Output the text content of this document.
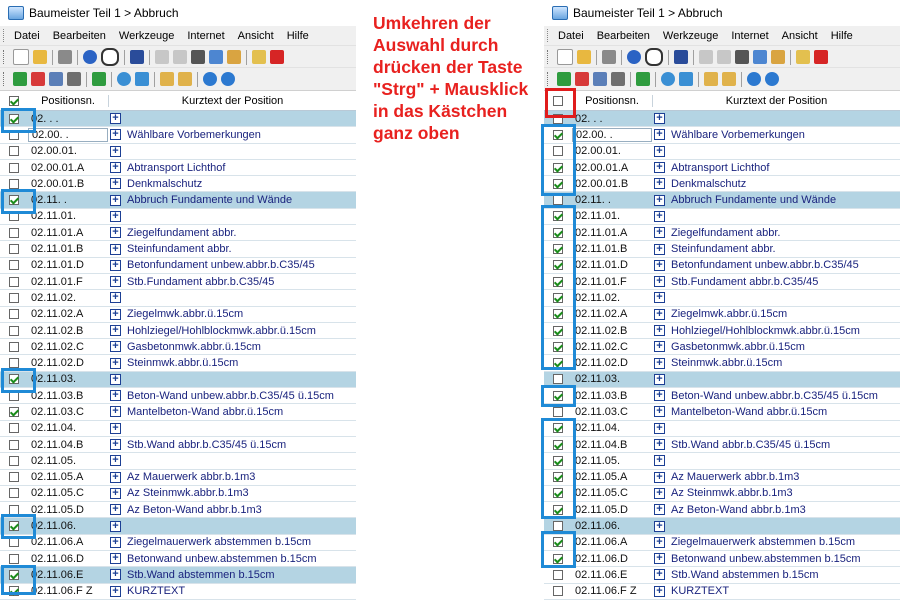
Baumeister Teil 1 > Abbruch
Datei Bearbeiten Werkzeuge Internet Ansicht Hilfe
Positionsn.	Kurztext der Position
02. . .	+
02.00. .	+ Wählbare Vorbemerkungen
02.00.01.	+
02.00.01.A	+ Abtransport Lichthof
02.00.01.B	+ Denkmalschutz
02.11. .	+ Abbruch Fundamente und Wände
02.11.01.	+
02.11.01.A	+ Ziegelfundament abbr.
02.11.01.B	+ Steinfundament abbr.
02.11.01.D	+ Betonfundament unbew.abbr.b.C35/45
02.11.01.F	+ Stb.Fundament abbr.b.C35/45
02.11.02.	+
02.11.02.A	+ Ziegelmwk.abbr.ü.15cm
02.11.02.B	+ Hohlziegel/Hohlblockmwk.abbr.ü.15cm
02.11.02.C	+ Gasbetonmwk.abbr.ü.15cm
02.11.02.D	+ Steinmwk.abbr.ü.15cm
02.11.03.	+
02.11.03.B	+ Beton-Wand unbew.abbr.b.C35/45 ü.15cm
02.11.03.C	+ Mantelbeton-Wand abbr.ü.15cm
02.11.04.	+
02.11.04.B	+ Stb.Wand abbr.b.C35/45 ü.15cm
02.11.05.	+
02.11.05.A	+ Az Mauerwerk abbr.b.1m3
02.11.05.C	+ Az Steinmwk.abbr.b.1m3
02.11.05.D	+ Az Beton-Wand abbr.b.1m3
02.11.06.	+
02.11.06.A	+ Ziegelmauerwerk abstemmen b.15cm
02.11.06.D	+ Betonwand unbew.abstemmen b.15cm
02.11.06.E	+ Stb.Wand abstemmen b.15cm
02.11.06.F Z	+ KURZTEXT
Umkehren der
Auswahl durch
drücken der Taste
"Strg" + Mausklick
in das Kästchen
ganz oben
Baumeister Teil 1 > Abbruch
Datei Bearbeiten Werkzeuge Internet Ansicht Hilfe
Positionsn.	Kurztext der Position
02. . .	+
02.00. .	+ Wählbare Vorbemerkungen
02.00.01.	+
02.00.01.A	+ Abtransport Lichthof
02.00.01.B	+ Denkmalschutz
02.11. .	+ Abbruch Fundamente und Wände
02.11.01.	+
02.11.01.A	+ Ziegelfundament abbr.
02.11.01.B	+ Steinfundament abbr.
02.11.01.D	+ Betonfundament unbew.abbr.b.C35/45
02.11.01.F	+ Stb.Fundament abbr.b.C35/45
02.11.02.	+
02.11.02.A	+ Ziegelmwk.abbr.ü.15cm
02.11.02.B	+ Hohlziegel/Hohlblockmwk.abbr.ü.15cm
02.11.02.C	+ Gasbetonmwk.abbr.ü.15cm
02.11.02.D	+ Steinmwk.abbr.ü.15cm
02.11.03.	+
02.11.03.B	+ Beton-Wand unbew.abbr.b.C35/45 ü.15cm
02.11.03.C	+ Mantelbeton-Wand abbr.ü.15cm
02.11.04.	+
02.11.04.B	+ Stb.Wand abbr.b.C35/45 ü.15cm
02.11.05.	+
02.11.05.A	+ Az Mauerwerk abbr.b.1m3
02.11.05.C	+ Az Steinmwk.abbr.b.1m3
02.11.05.D	+ Az Beton-Wand abbr.b.1m3
02.11.06.	+
02.11.06.A	+ Ziegelmauerwerk abstemmen b.15cm
02.11.06.D	+ Betonwand unbew.abstemmen b.15cm
02.11.06.E	+ Stb.Wand abstemmen b.15cm
02.11.06.F Z	+ KURZTEXT
